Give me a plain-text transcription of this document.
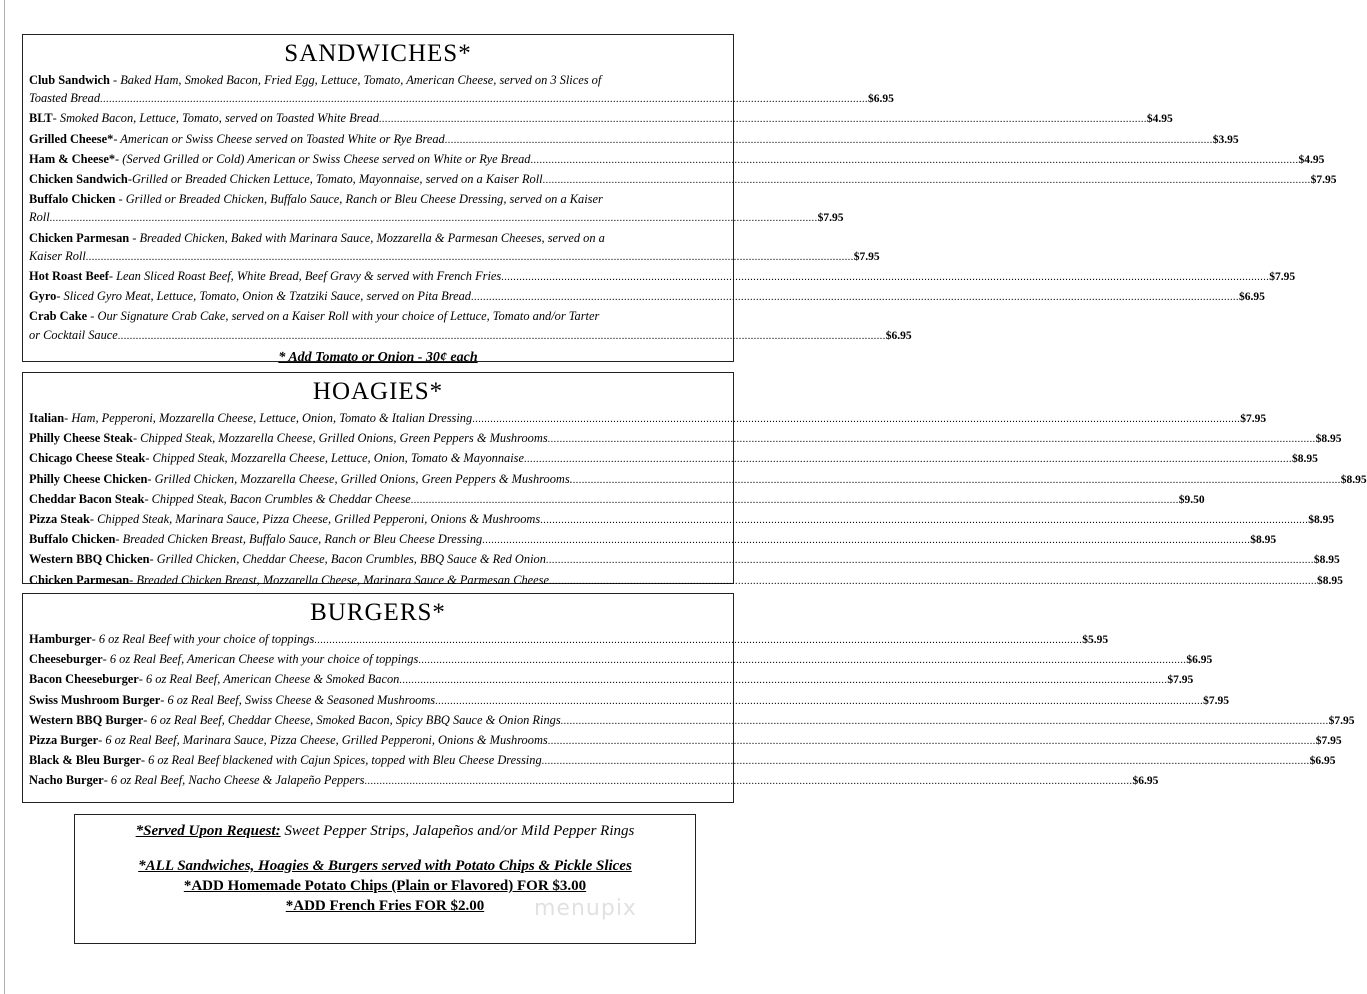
SANDWICHES*
Club Sandwich - Baked Ham, Smoked Bacon, Fried Egg, Lettuce, Tomato, American Cheese, served on 3 Slices of
Toasted Bread .....	$6.95
BLT - Smoked Bacon, Lettuce, Tomato, served on Toasted White Bread .....	$4.95
Grilled Cheese* - American or Swiss Cheese served on Toasted White or Rye Bread .....	$3.95
Ham & Cheese* - (Served Grilled or Cold) American or Swiss Cheese served on White or Rye Bread .....	$4.95
Chicken Sandwich -Grilled or Breaded Chicken Lettuce, Tomato, Mayonnaise, served on a Kaiser Roll .....	$7.95
Buffalo Chicken - Grilled or Breaded Chicken, Buffalo Sauce, Ranch or Bleu Cheese Dressing, served on a Kaiser
Roll .....	$7.95
Chicken Parmesan - Breaded Chicken, Baked with Marinara Sauce, Mozzarella & Parmesan Cheeses, served on a
Kaiser Roll .....	$7.95
Hot Roast Beef - Lean Sliced Roast Beef, White Bread, Beef Gravy & served with French Fries .....	$7.95
Gyro - Sliced Gyro Meat, Lettuce, Tomato, Onion & Tzatziki Sauce, served on Pita Bread .....	$6.95
Crab Cake - Our Signature Crab Cake, served on a Kaiser Roll with your choice of Lettuce, Tomato and/or Tarter
or Cocktail Sauce .....	$6.95
* Add Tomato or Onion - 30¢ each
HOAGIES*
Italian - Ham, Pepperoni, Mozzarella Cheese, Lettuce, Onion, Tomato & Italian Dressing .....	$7.95
Philly Cheese Steak - Chipped Steak, Mozzarella Cheese, Grilled Onions, Green Peppers & Mushrooms .....	$8.95
Chicago Cheese Steak - Chipped Steak, Mozzarella Cheese, Lettuce, Onion, Tomato & Mayonnaise .....	$8.95
Philly Cheese Chicken - Grilled Chicken, Mozzarella Cheese, Grilled Onions, Green Peppers & Mushrooms. .....	$8.95
Cheddar Bacon Steak - Chipped Steak, Bacon Crumbles & Cheddar Cheese .....	$9.50
Pizza Steak - Chipped Steak, Marinara Sauce, Pizza Cheese, Grilled Pepperoni, Onions & Mushrooms .....	$8.95
Buffalo Chicken - Breaded Chicken Breast, Buffalo Sauce, Ranch or Bleu Cheese Dressing .....	$8.95
Western BBQ Chicken - Grilled Chicken, Cheddar Cheese, Bacon Crumbles, BBQ Sauce & Red Onion .....	$8.95
Chicken Parmesan - Breaded Chicken Breast, Mozzarella Cheese, Marinara Sauce & Parmesan Cheese .....	$8.95
BURGERS*
Hamburger - 6 oz Real Beef with your choice of toppings .....	$5.95
Cheeseburger - 6 oz Real Beef, American Cheese with your choice of toppings .....	$6.95
Bacon Cheeseburger - 6 oz Real Beef, American Cheese & Smoked Bacon .....	$7.95
Swiss Mushroom Burger - 6 oz Real Beef, Swiss Cheese & Seasoned Mushrooms .....	$7.95
Western BBQ Burger - 6 oz Real Beef, Cheddar Cheese, Smoked Bacon, Spicy BBQ Sauce & Onion Rings .....	$7.95
Pizza Burger - 6 oz Real Beef, Marinara Sauce, Pizza Cheese, Grilled Pepperoni, Onions & Mushrooms .....	$7.95
Black & Bleu Burger - 6 oz Real Beef blackened with Cajun Spices, topped with Bleu Cheese Dressing .....	$6.95
Nacho Burger - 6 oz Real Beef, Nacho Cheese & Jalapeño Peppers .....	$6.95
*Served Upon Request: Sweet Pepper Strips, Jalapeños and/or Mild Pepper Rings
*ALL Sandwiches, Hoagies & Burgers served with Potato Chips & Pickle Slices
*ADD Homemade Potato Chips (Plain or Flavored) FOR $3.00
*ADD French Fries FOR $2.00	menupix
